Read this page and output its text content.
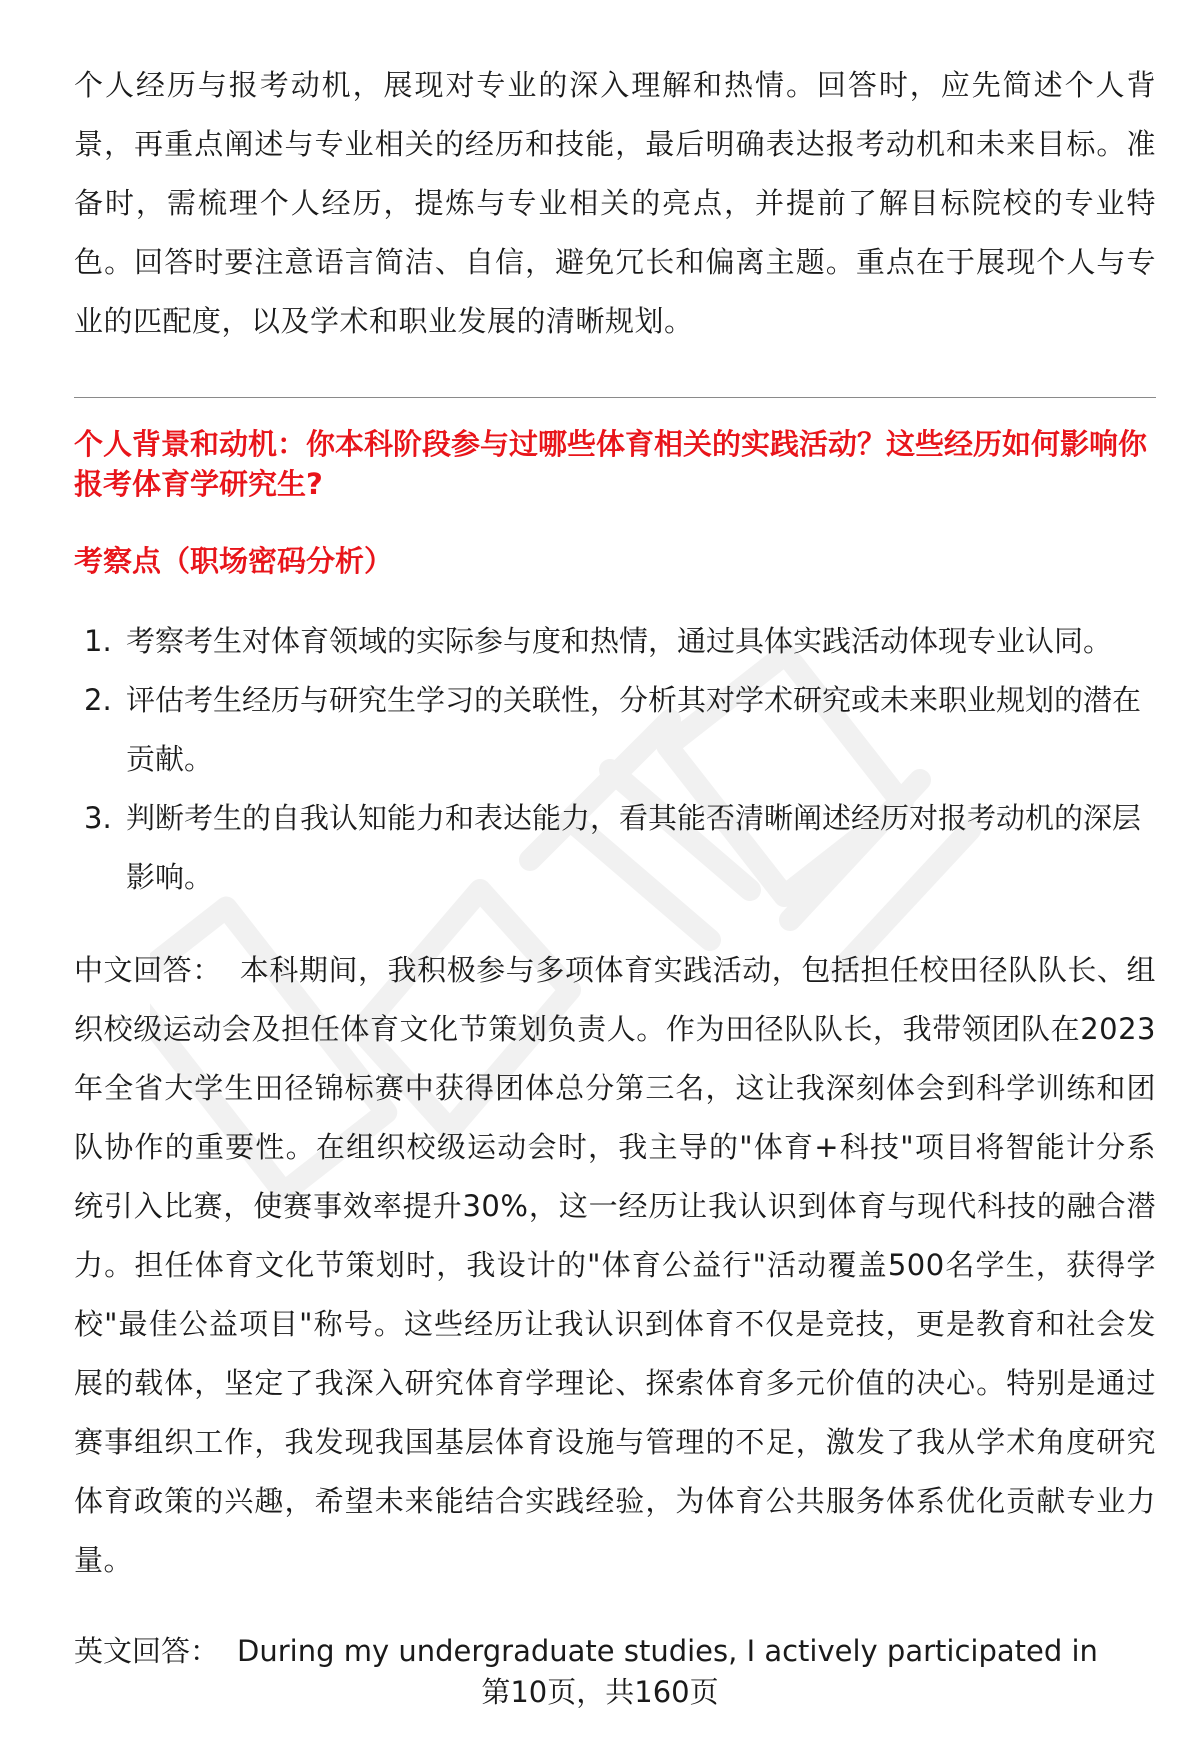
个人经历与报考动机，展现对专业的深入理解和热情。回答时，应先简述个人背景，再重点阐述与专业相关的经历和技能，最后明确表达报考动机和未来目标。准备时，需梳理个人经历，提炼与专业相关的亮点，并提前了解目标院校的专业特色。回答时要注意语言简洁、自信，避免冗长和偏离主题。重点在于展现个人与专业的匹配度，以及学术和职业发展的清晰规划。

个人背景和动机：你本科阶段参与过哪些体育相关的实践活动？这些经历如何影响你报考体育学研究生?

考察点（职场密码分析）

1. 考察考生对体育领域的实际参与度和热情，通过具体实践活动体现专业认同。
2. 评估考生经历与研究生学习的关联性，分析其对学术研究或未来职业规划的潜在贡献。
3. 判断考生的自我认知能力和表达能力，看其能否清晰阐述经历对报考动机的深层影响。

中文回答： 本科期间，我积极参与多项体育实践活动，包括担任校田径队队长、组织校级运动会及担任体育文化节策划负责人。作为田径队队长，我带领团队在2023年全省大学生田径锦标赛中获得团体总分第三名，这让我深刻体会到科学训练和团队协作的重要性。在组织校级运动会时，我主导的"体育+科技"项目将智能计分系统引入比赛，使赛事效率提升30%，这一经历让我认识到体育与现代科技的融合潜力。担任体育文化节策划时，我设计的"体育公益行"活动覆盖500名学生，获得学校"最佳公益项目"称号。这些经历让我认识到体育不仅是竞技，更是教育和社会发展的载体，坚定了我深入研究体育学理论、探索体育多元价值的决心。特别是通过赛事组织工作，我发现我国基层体育设施与管理的不足，激发了我从学术角度研究体育政策的兴趣，希望未来能结合实践经验，为体育公共服务体系优化贡献专业力量。

英文回答： During my undergraduate studies, I actively participated in
第10页，共160页
